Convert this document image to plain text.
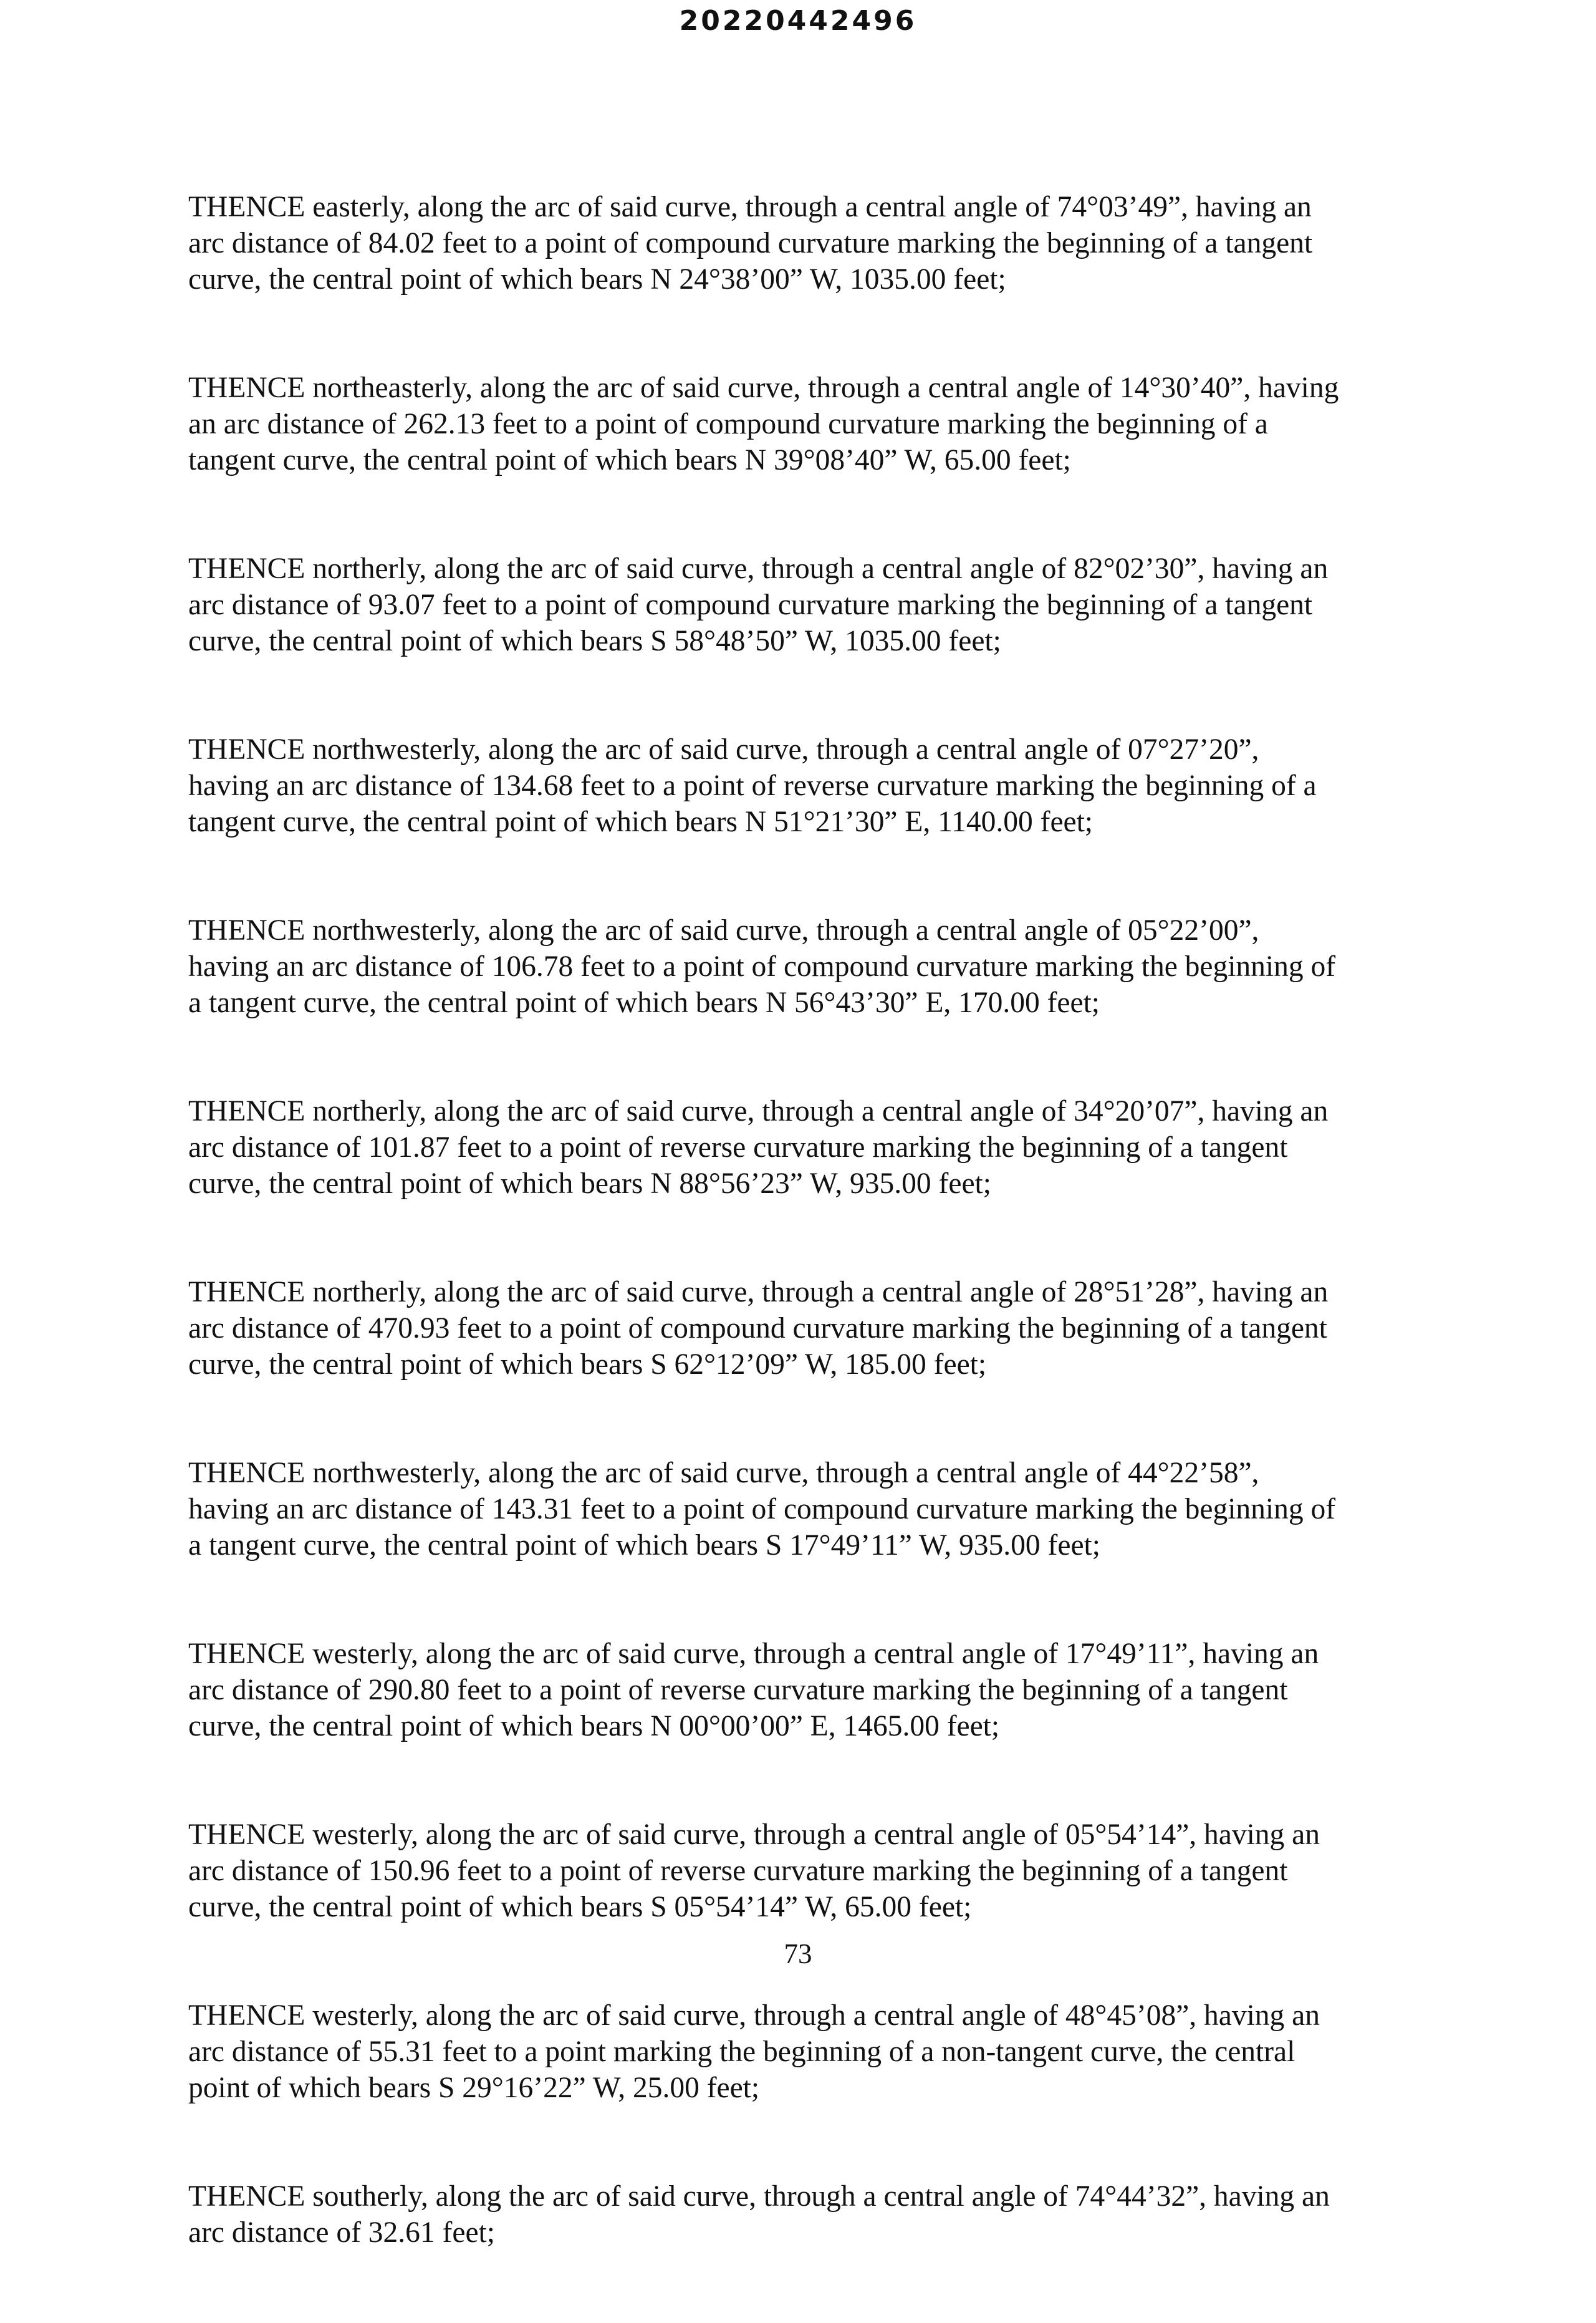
20220442496

THENCE easterly, along the arc of said curve, through a central angle of 74°03’49”, having an
arc distance of 84.02 feet to a point of compound curvature marking the beginning of a tangent
curve, the central point of which bears N 24°38’00” W, 1035.00 feet;

THENCE northeasterly, along the arc of said curve, through a central angle of 14°30’40”, having
an arc distance of 262.13 feet to a point of compound curvature marking the beginning of a
tangent curve, the central point of which bears N 39°08’40” W, 65.00 feet;

THENCE northerly, along the arc of said curve, through a central angle of 82°02’30”, having an
arc distance of 93.07 feet to a point of compound curvature marking the beginning of a tangent
curve, the central point of which bears S 58°48’50” W, 1035.00 feet;

THENCE northwesterly, along the arc of said curve, through a central angle of 07°27’20”,
having an arc distance of 134.68 feet to a point of reverse curvature marking the beginning of a
tangent curve, the central point of which bears N 51°21’30” E, 1140.00 feet;

THENCE northwesterly, along the arc of said curve, through a central angle of 05°22’00”,
having an arc distance of 106.78 feet to a point of compound curvature marking the beginning of
a tangent curve, the central point of which bears N 56°43’30” E, 170.00 feet;

THENCE northerly, along the arc of said curve, through a central angle of 34°20’07”, having an
arc distance of 101.87 feet to a point of reverse curvature marking the beginning of a tangent
curve, the central point of which bears N 88°56’23” W, 935.00 feet;

THENCE northerly, along the arc of said curve, through a central angle of 28°51’28”, having an
arc distance of 470.93 feet to a point of compound curvature marking the beginning of a tangent
curve, the central point of which bears S 62°12’09” W, 185.00 feet;

THENCE northwesterly, along the arc of said curve, through a central angle of 44°22’58”,
having an arc distance of 143.31 feet to a point of compound curvature marking the beginning of
a tangent curve, the central point of which bears S 17°49’11” W, 935.00 feet;

THENCE westerly, along the arc of said curve, through a central angle of 17°49’11”, having an
arc distance of 290.80 feet to a point of reverse curvature marking the beginning of a tangent
curve, the central point of which bears N 00°00’00” E, 1465.00 feet;

THENCE westerly, along the arc of said curve, through a central angle of 05°54’14”, having an
arc distance of 150.96 feet to a point of reverse curvature marking the beginning of a tangent
curve, the central point of which bears S 05°54’14” W, 65.00 feet;

THENCE westerly, along the arc of said curve, through a central angle of 48°45’08”, having an
arc distance of 55.31 feet to a point marking the beginning of a non-tangent curve, the central
point of which bears S 29°16’22” W, 25.00 feet;

THENCE southerly, along the arc of said curve, through a central angle of 74°44’32”, having an
arc distance of 32.61 feet;

73
